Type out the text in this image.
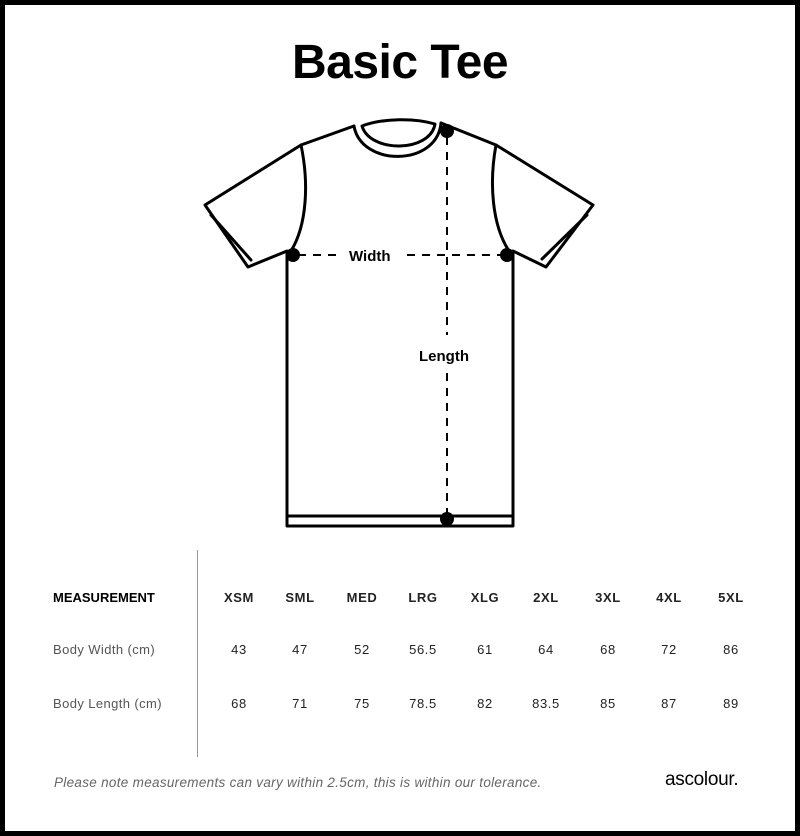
Basic Tee
Width
Length
MEASUREMENT	XSM	SML	MED	LRG	XLG	2XL	3XL	4XL	5XL
Body Width (cm)	43	47	52	56.5	61	64	68	72	86
Body Length (cm)	68	71	75	78.5	82	83.5	85	87	89
Please note measurements can vary within 2.5cm, this is within our tolerance.	ascolour.
